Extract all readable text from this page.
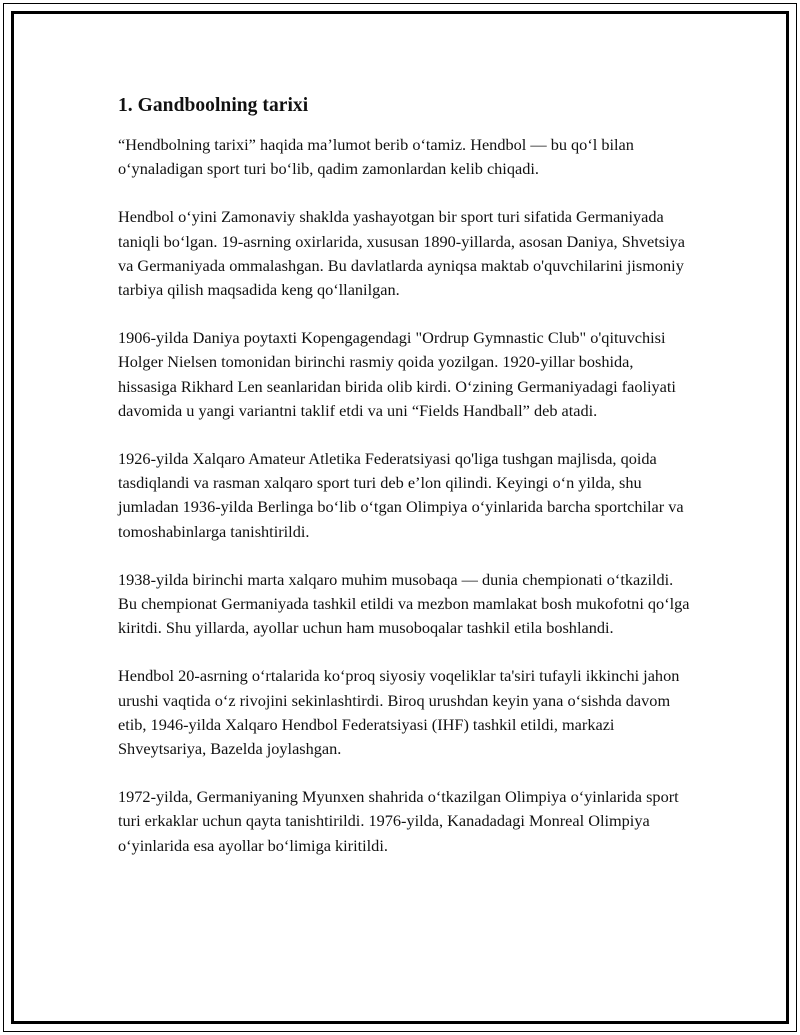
1. Gandboolning tarixi

“Hendbolning tarixi” haqida ma’lumot berib o‘tamiz. Hendbol — bu qo‘l bilan o‘ynaladigan sport turi bo‘lib, qadim zamonlardan kelib chiqadi.

Hendbol o‘yini Zamonaviy shaklda yashayotgan bir sport turi sifatida Germaniyada taniqli bo‘lgan. 19-asrning oxirlarida, xususan 1890-yillarda, asosan Daniya, Shvetsiya va Germaniyada ommalashgan. Bu davlatlarda ayniqsa maktab o'quvchilarini jismoniy tarbiya qilish maqsadida keng qo‘llanilgan.

1906-yilda Daniya poytaxti Kopengagendagi "Ordrup Gymnastic Club" o'qituvchisi Holger Nielsen tomonidan birinchi rasmiy qoida yozilgan. 1920-yillar boshida, hissasiga Rikhard Len seanlaridan birida olib kirdi. O‘zining Germaniyadagi faoliyati davomida u yangi variantni taklif etdi va uni “Fields Handball” deb atadi.

1926-yilda Xalqaro Amateur Atletika Federatsiyasi qo'liga tushgan majlisda, qoida tasdiqlandi va rasman xalqaro sport turi deb e’lon qilindi. Keyingi o‘n yilda, shu jumladan 1936-yilda Berlinga bo‘lib o‘tgan Olimpiya o‘yinlarida barcha sportchilar va tomoshabinlarga tanishtirildi.

1938-yilda birinchi marta xalqaro muhim musobaqa — dunia chempionati o‘tkazildi. Bu chempionat Germaniyada tashkil etildi va mezbon mamlakat bosh mukofotni qo‘lga kiritdi. Shu yillarda, ayollar uchun ham musoboqalar tashkil etila boshlandi.

Hendbol 20-asrning o‘rtalarida ko‘proq siyosiy voqeliklar ta'siri tufayli ikkinchi jahon urushi vaqtida o‘z rivojini sekinlashtirdi. Biroq urushdan keyin yana o‘sishda davom etib, 1946-yilda Xalqaro Hendbol Federatsiyasi (IHF) tashkil etildi, markazi Shveytsariya, Bazelda joylashgan.

1972-yilda, Germaniyaning Myunxen shahrida o‘tkazilgan Olimpiya o‘yinlarida sport turi erkaklar uchun qayta tanishtirildi. 1976-yilda, Kanadadagi Monreal Olimpiya o‘yinlarida esa ayollar bo‘limiga kiritildi.
